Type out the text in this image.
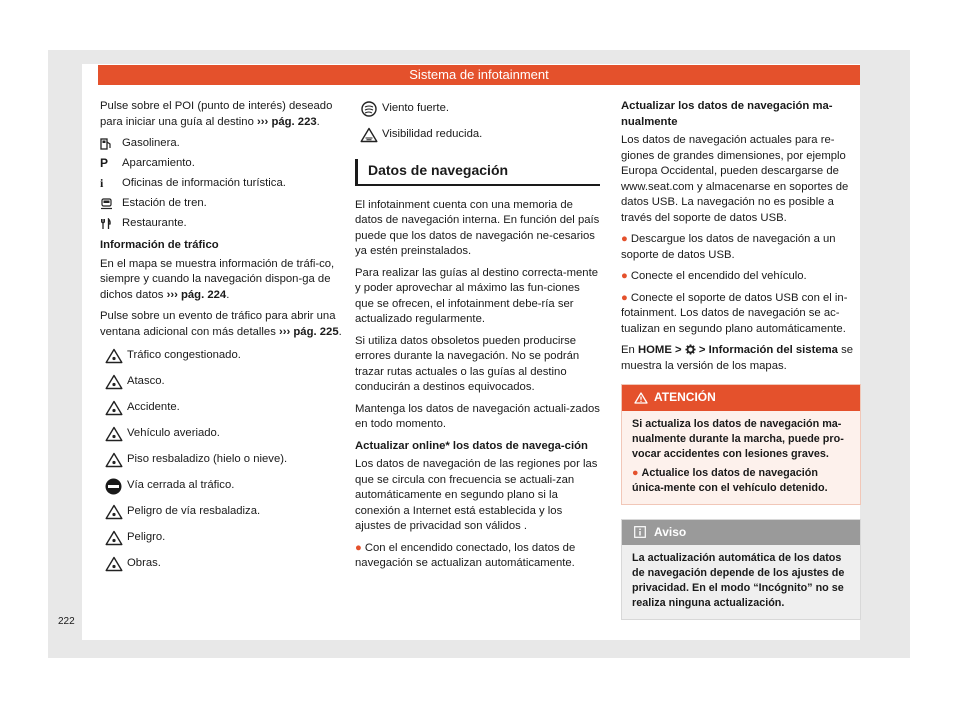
Sistema de infotainment

Pulse sobre el POI (punto de interés) deseado para iniciar una guía al destino ››› pág. 223.

Gasolinera.
P	Aparcamiento.
i	Oficinas de información turística.
Estación de tren.
Restaurante.
Información de tráfico

En el mapa se muestra información de tráfi-co, siempre y cuando la navegación dispon-ga de dichos datos ››› pág. 224.

Pulse sobre un evento de tráfico para abrir una ventana adicional con más detalles ››› pág. 225.

Tráfico congestionado.
Atasco.
Accidente.
Vehículo averiado.
Piso resbaladizo (hielo o nieve).
Vía cerrada al tráfico.
Peligro de vía resbaladiza.
Peligro.
Obras.
Viento fuerte.
Visibilidad reducida.
Datos de navegación

El infotainment cuenta con una memoria de datos de navegación interna. En función del país puede que los datos de navegación ne-cesarios ya estén preinstalados.

Para realizar las guías al destino correcta-mente y poder aprovechar al máximo las fun-ciones que se ofrecen, el infotainment debe-ría ser actualizado regularmente.

Si utiliza datos obsoletos pueden producirse errores durante la navegación. No se podrán trazar rutas actuales o las guías al destino conducirán a destinos equivocados.

Mantenga los datos de navegación actuali-zados en todo momento.

Actualizar online* los datos de navega-ción

Los datos de navegación de las regiones por las que se circula con frecuencia se actuali-zan automáticamente en segundo plano si la conexión a Internet está establecida y los ajustes de privacidad son válidos .

● Con el encendido conectado, los datos de navegación se actualizan automáticamente.
Actualizar los datos de navegación ma-nualmente

Los datos de navegación actuales para re-giones de grandes dimensiones, por ejemplo Europa Occidental, pueden descargarse de www.seat.com y almacenarse en soportes de datos USB. La navegación no es posible a través del soporte de datos USB.

● Descargue los datos de navegación a un soporte de datos USB.
● Conecte el encendido del vehículo.
● Conecte el soporte de datos USB con el in-fotainment. Los datos de navegación se ac-tualizan en segundo plano automáticamente.

En HOME > > Información del sistema se muestra la versión de los mapas.

ATENCIÓN
Si actualiza los datos de navegación ma-nualmente durante la marcha, puede pro-vocar accidentes con lesiones graves.
● Actualice los datos de navegación única-mente con el vehículo detenido.
Aviso
La actualización automática de los datos de navegación depende de los ajustes de privacidad. En el modo “Incógnito” no se realiza ninguna actualización.
222
